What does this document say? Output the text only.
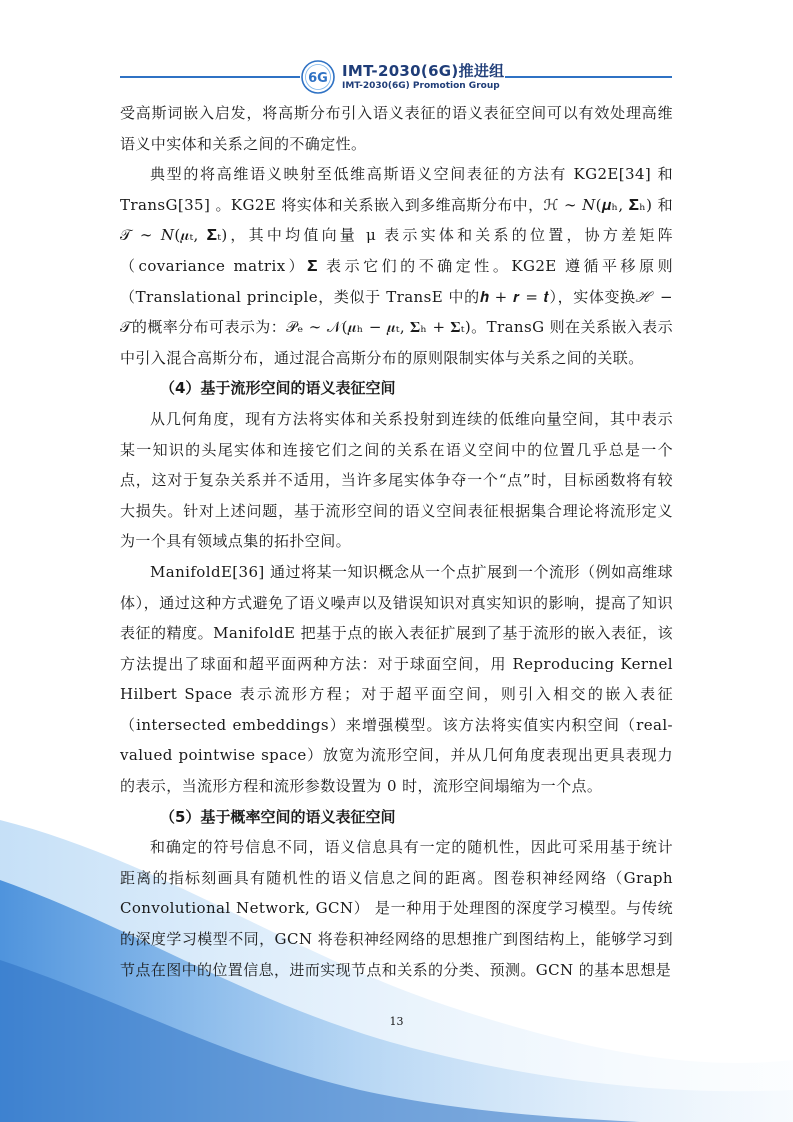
6G IMT-2030(6G)推进组
IMT-2030(6G) Promotion Group

受高斯词嵌入启发，将高斯分布引入语义表征的语义表征空间可以有效处理高维语义中实体和关系之间的不确定性。

典型的将高维语义映射至低维高斯语义空间表征的方法有 KG2E[34] 和 TransG[35] 。KG2E 将实体和关系嵌入到多维高斯分布中，ℋ ∼ 𝑁(𝝁ₕ, 𝚺ₕ) 和 𝒯 ∼ 𝑁(𝝁ₜ, 𝚺ₜ)，其中均值向量 μ 表示实体和关系的位置，协方差矩阵（covariance matrix）𝚺 表示它们的不确定性。KG2E 遵循平移原则（Translational principle，类似于 TransE 中的𝒉 + 𝒓 = 𝒕），实体变换ℋ − 𝒯的概率分布可表示为：𝒫ₑ ∼ 𝒩(𝝁ₕ − 𝝁ₜ, 𝚺ₕ + 𝚺ₜ)。TransG 则在关系嵌入表示中引入混合高斯分布，通过混合高斯分布的原则限制实体与关系之间的关联。

（4）基于流形空间的语义表征空间

从几何角度，现有方法将实体和关系投射到连续的低维向量空间，其中表示某一知识的头尾实体和连接它们之间的关系在语义空间中的位置几乎总是一个点，这对于复杂关系并不适用，当许多尾实体争夺一个“点”时，目标函数将有较大损失。针对上述问题，基于流形空间的语义空间表征根据集合理论将流形定义为一个具有领域点集的拓扑空间。

ManifoldE[36] 通过将某一知识概念从一个点扩展到一个流形（例如高维球体），通过这种方式避免了语义噪声以及错误知识对真实知识的影响，提高了知识表征的精度。ManifoldE 把基于点的嵌入表征扩展到了基于流形的嵌入表征，该方法提出了球面和超平面两种方法：对于球面空间，用 Reproducing Kernel Hilbert Space 表示流形方程；对于超平面空间，则引入相交的嵌入表征（intersected embeddings）来增强模型。该方法将实值实内积空间（real-valued pointwise space）放宽为流形空间，并从几何角度表现出更具表现力的表示，当流形方程和流形参数设置为 0 时，流形空间塌缩为一个点。

（5）基于概率空间的语义表征空间

和确定的符号信息不同，语义信息具有一定的随机性，因此可采用基于统计距离的指标刻画具有随机性的语义信息之间的距离。图卷积神经网络（Graph Convolutional Network, GCN） 是一种用于处理图的深度学习模型。与传统的深度学习模型不同，GCN 将卷积神经网络的思想推广到图结构上，能够学习到节点在图中的位置信息，进而实现节点和关系的分类、预测。GCN 的基本思想是

13
